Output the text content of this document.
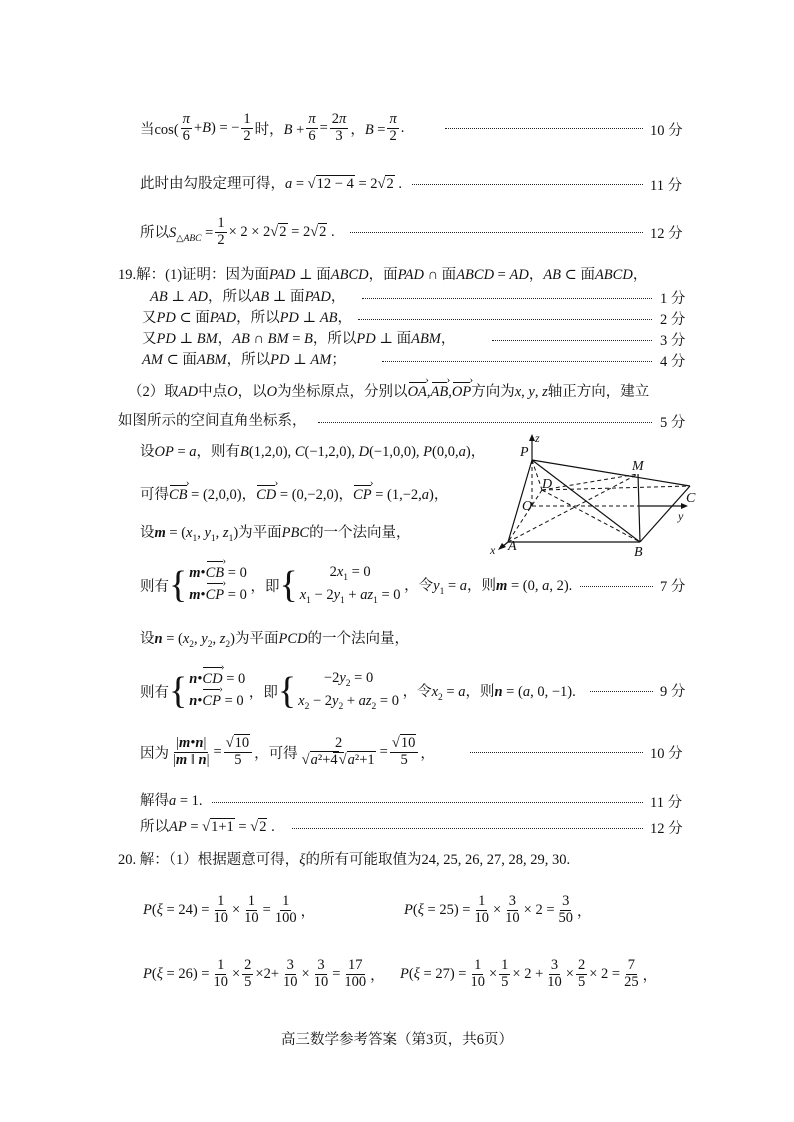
当$\cos( \frac{\pi}{6} +B)$ = − $\frac{1}{2}$ 时，$B + \frac{\pi}{6} = \frac{2\pi}{3}$ ，$B = \frac{\pi}{2}$ .	10 分
此时由勾股定理可得，a = √12 − 4 = 2√2 .	11 分
所以$S_{\triangle ABC} = \frac{1}{2} \times 2 \times 2√2 = 2√2$ .	12 分
19.解：(1)证明：因为面PAD ⊥ 面ABCD，面PAD ∩ 面ABCD = AD，AB ⊂ 面ABCD，
AB ⊥ AD，所以AB ⊥ 面PAD，	1 分
又PD ⊂ 面PAD，所以PD ⊥ AB，	2 分
又PD ⊥ BM，AB ∩ BM = B，所以PD ⊥ 面ABM，	3 分
AM ⊂ 面ABM，所以PD ⊥ AM；	4 分
（2）取AD中点O，以O为坐标原点，分别以OA ›,AB ›,OP ›方向为x, y, z轴正方向，建立
如图所示的空间直角坐标系，	5 分
设OP = a，则有B(1,2,0), C(−1,2,0), D(−1,0,0), P(0,0,a)，
可得CB › = (2,0,0)，CD › = (0,−2,0)，CP › = (1,−2,a)，
设$m = (x_1$, $y_1$, $z_1$)为平面PBC的一个法向量，
则有 { m•CB › = 0
m•CP › = 0
，即 { $2x_1 = 0$
$x_1 - 2y_1 + az_1 = 0$
，令$y_1 = a$，则m = (0, a, 2).	7 分
设$n = (x_2$, $y_2$, $z_2$)为平面PCD的一个法向量，
则有 { n•CD › = 0
n•CP › = 0
，即 { $-2y_2 = 0$
$x_2 - 2y_2 + az_2 = 0$
，令$x_2 = a$，则n = (a, 0, −1).	9 分
因为 $\frac{|m•n|}{|m ‖ n|} = \frac{√10}{5}$ ，可得 $\frac{2}{\text{√a²+4√a²+1}} = \frac{√10}{5}$ ，	10 分
解得a = 1.	11 分
所以AP = √1+1 = √2 .	12 分
20. 解：（1）根据题意可得，ξ的所有可能取值为24, 25, 26, 27, 28, 29, 30.
$P(\xi = 24) = \frac{1}{10} \times \frac{1}{10} = \frac{1}{100}$ ，	$P(\xi = 25) = \frac{1}{10} \times \frac{3}{10} \times 2 = \frac{3}{50}$ ，
$P(\xi = 26) = \frac{1}{10} \times \frac{2}{5} \times 2+ \frac{3}{10} \times \frac{3}{10} = \frac{17}{100}$ ， $P(\xi = 27) = \frac{1}{10} \times \frac{1}{5} \times 2 + \frac{3}{10} \times \frac{2}{5} \times 2 = \frac{7}{25}$ ，
P
z
M
D
C
O
y
x A	B
高三数学参考答案（第3页，共6页）
